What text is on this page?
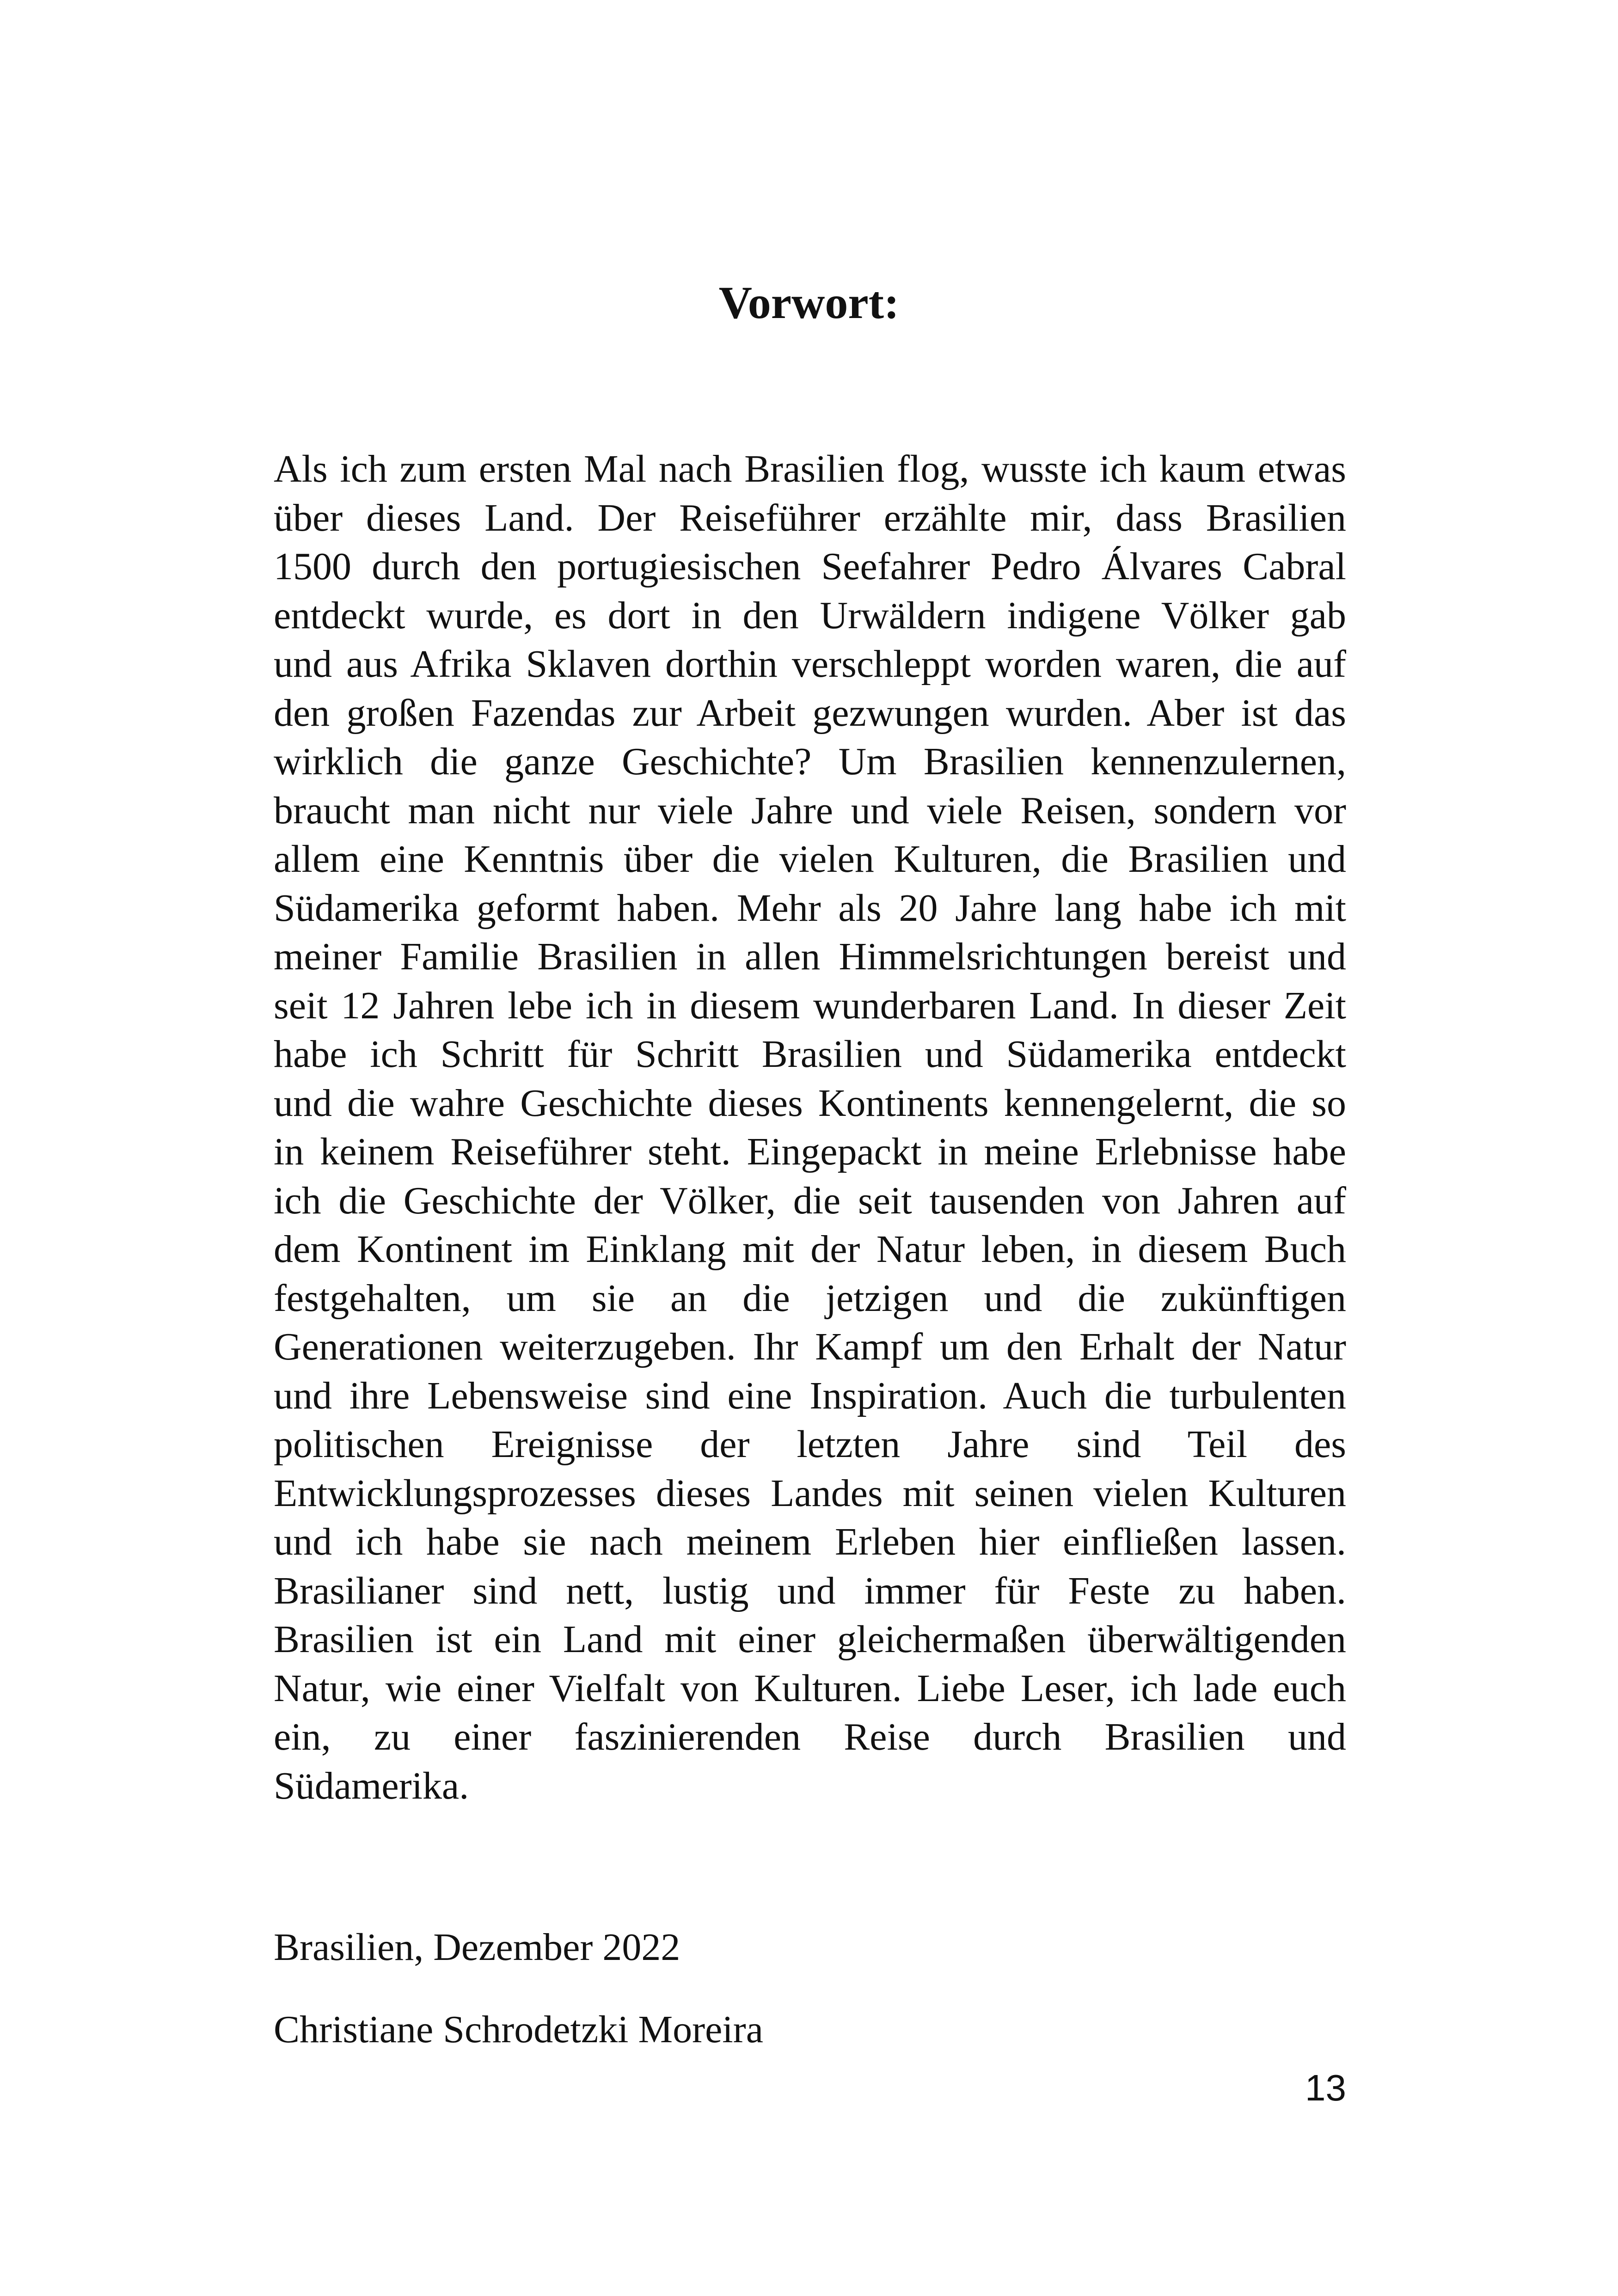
Vorwort:
Als ich zum ersten Mal nach Brasilien flog, wusste ich kaum etwas
über dieses Land. Der Reiseführer erzählte mir, dass Brasilien
1500 durch den portugiesischen Seefahrer Pedro Álvares Cabral
entdeckt wurde, es dort in den Urwäldern indigene Völker gab
und aus Afrika Sklaven dorthin verschleppt worden waren, die auf
den großen Fazendas zur Arbeit gezwungen wurden. Aber ist das
wirklich die ganze Geschichte? Um Brasilien kennenzulernen,
braucht man nicht nur viele Jahre und viele Reisen, sondern vor
allem eine Kenntnis über die vielen Kulturen, die Brasilien und
Südamerika geformt haben. Mehr als 20 Jahre lang habe ich mit
meiner Familie Brasilien in allen Himmelsrichtungen bereist und
seit 12 Jahren lebe ich in diesem wunderbaren Land. In dieser Zeit
habe ich Schritt für Schritt Brasilien und Südamerika entdeckt
und die wahre Geschichte dieses Kontinents kennengelernt, die so
in keinem Reiseführer steht. Eingepackt in meine Erlebnisse habe
ich die Geschichte der Völker, die seit tausenden von Jahren auf
dem Kontinent im Einklang mit der Natur leben, in diesem Buch
festgehalten, um sie an die jetzigen und die zukünftigen
Generationen weiterzugeben. Ihr Kampf um den Erhalt der Natur
und ihre Lebensweise sind eine Inspiration. Auch die turbulenten
politischen Ereignisse der letzten Jahre sind Teil des
Entwicklungsprozesses dieses Landes mit seinen vielen Kulturen
und ich habe sie nach meinem Erleben hier einfließen lassen.
Brasilianer sind nett, lustig und immer für Feste zu haben.
Brasilien ist ein Land mit einer gleichermaßen überwältigenden
Natur, wie einer Vielfalt von Kulturen. Liebe Leser, ich lade euch
ein, zu einer faszinierenden Reise durch Brasilien und
Südamerika.

Brasilien, Dezember 2022

Christiane Schrodetzki Moreira

13
